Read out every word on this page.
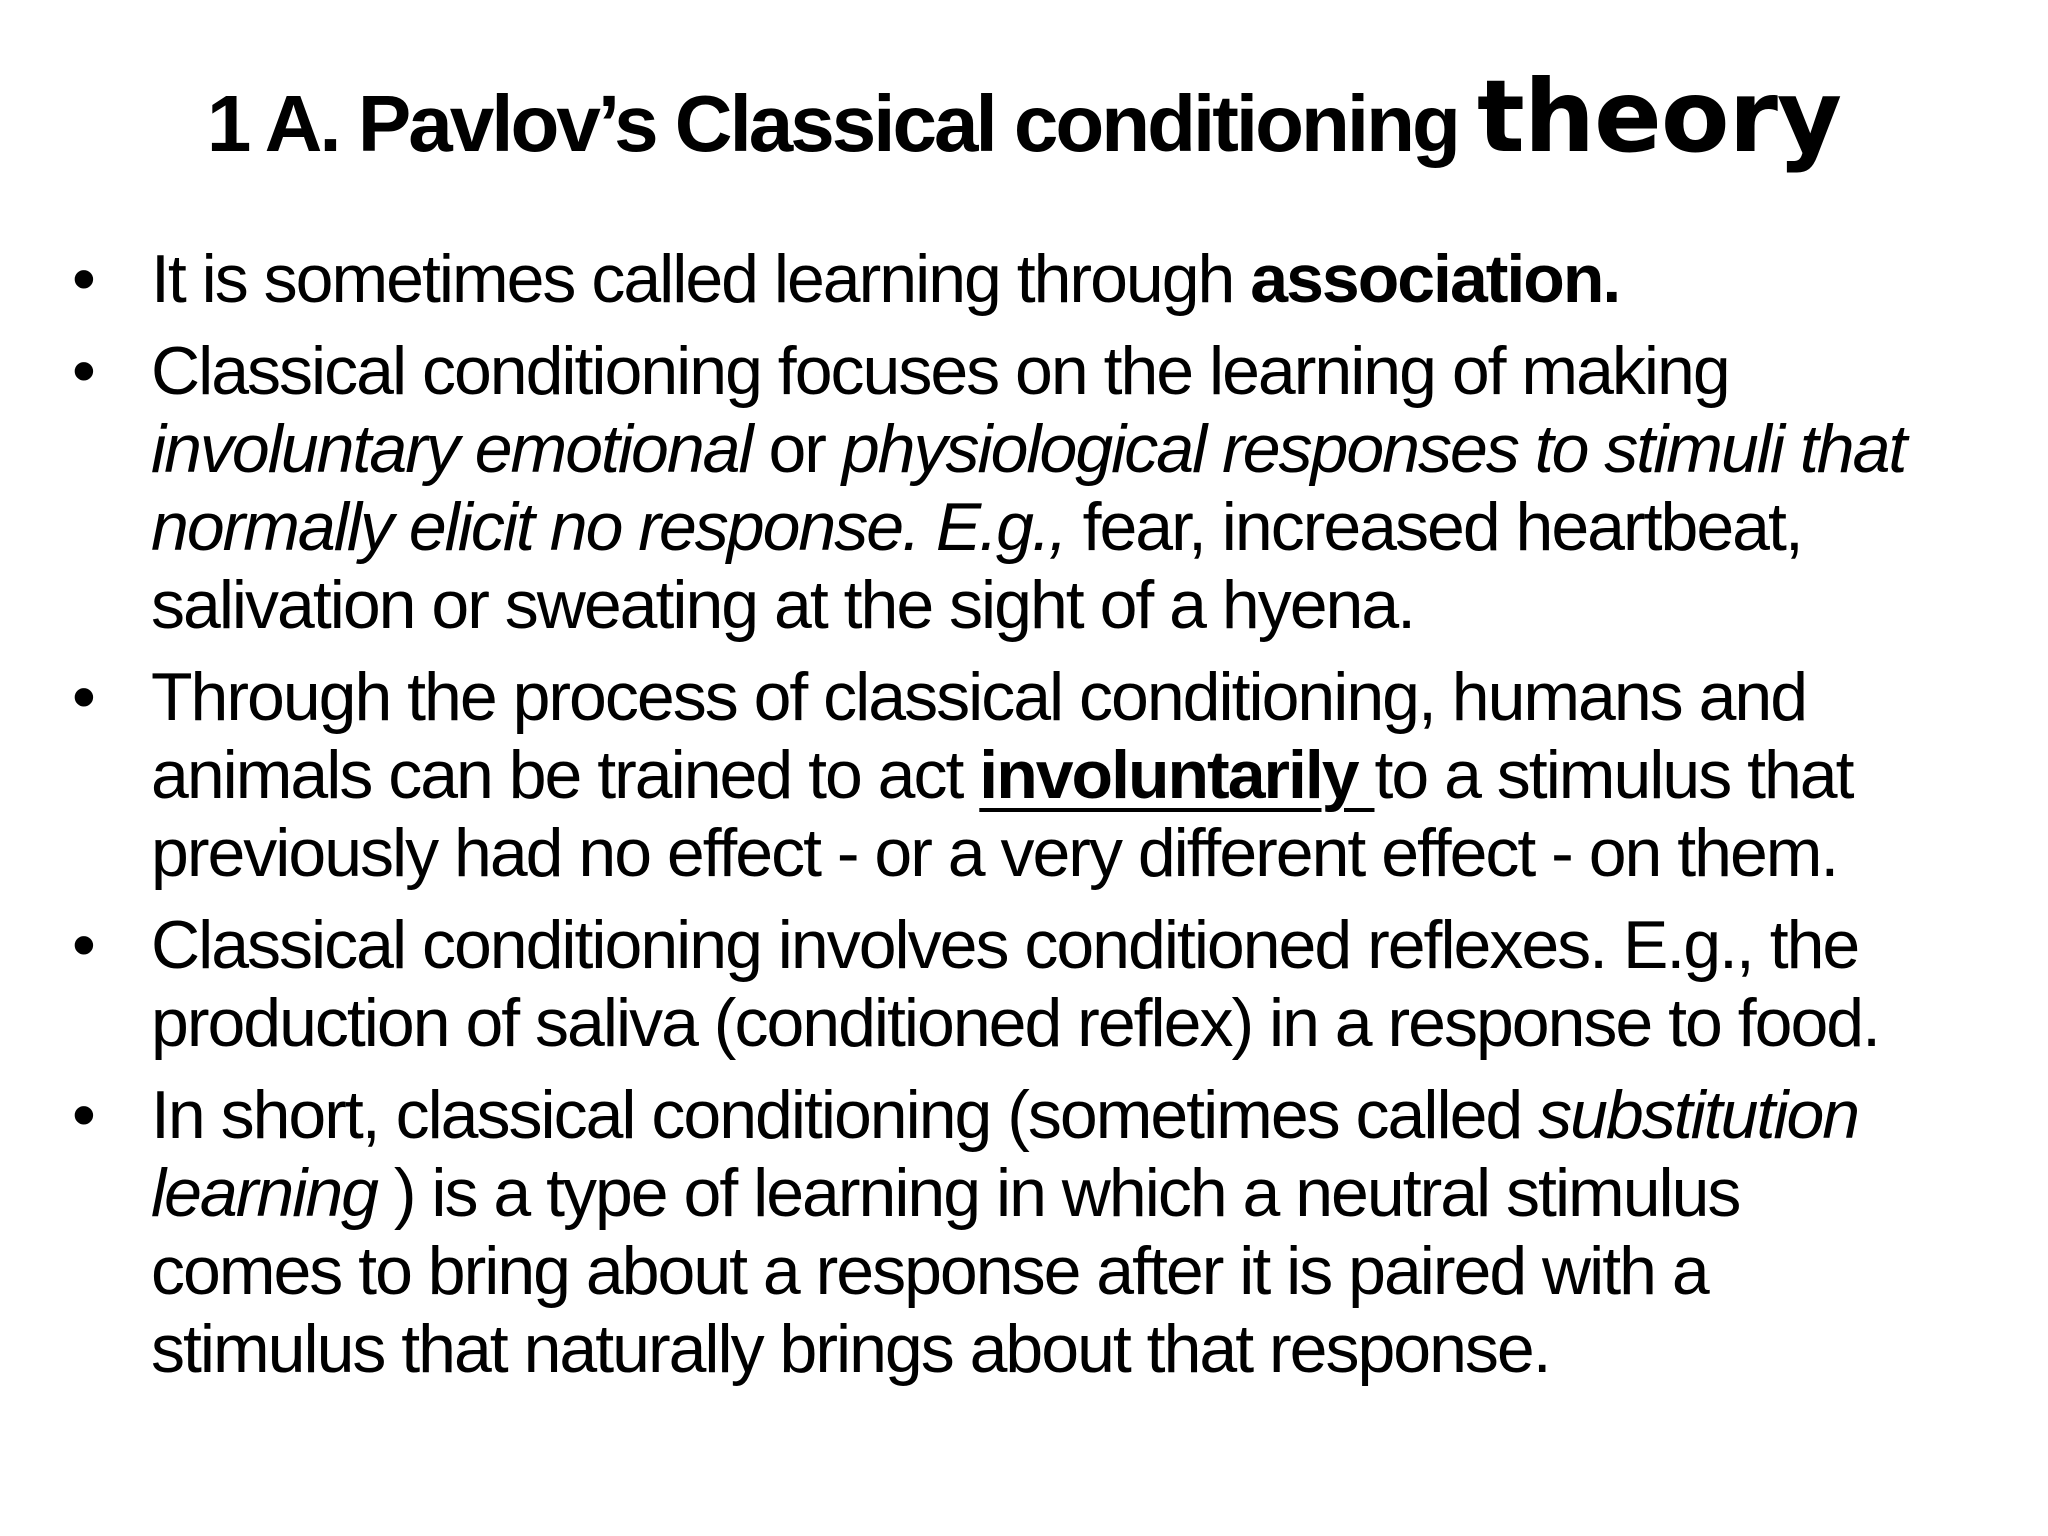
1 A. Pavlov’s Classical conditioning theory
• It is sometimes called learning through association.
• Classical conditioning focuses on the learning of making
involuntary emotional or physiological responses to stimuli that
normally elicit no response. E.g., fear, increased heartbeat,
salivation or sweating at the sight of a hyena.
• Through the process of classical conditioning, humans and
animals can be trained to act involuntarily to a stimulus that
previously had no effect - or a very different effect - on them.
• Classical conditioning involves conditioned reflexes. E.g., the
production of saliva (conditioned reflex) in a response to food.
• In short, classical conditioning (sometimes called substitution
learning ) is a type of learning in which a neutral stimulus
comes to bring about a response after it is paired with a
stimulus that naturally brings about that response.
